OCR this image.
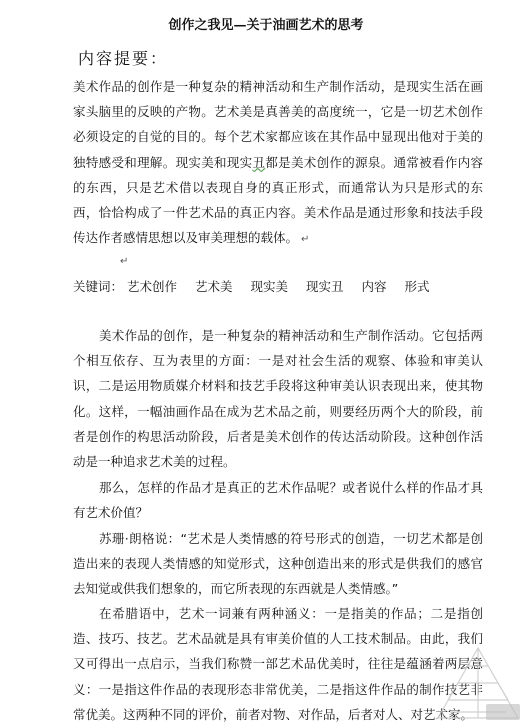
创作之我见—关于油画艺术的思考
内容提要：

美术作品的创作是一种复杂的精神活动和生产制作活动，是现实生活在画家头脑里的反映的产物。艺术美是真善美的高度统一，它是一切艺术创作必须设定的自觉的目的。每个艺术家都应该在其作品中显现出他对于美的独特感受和理解。现实美和现实丑都是美术创作的源泉。通常被看作内容的东西，只是艺术借以表现自身的真正形式，而通常认为只是形式的东西，恰恰构成了一件艺术品的真正内容。美术作品是通过形象和技法手段传达作者感情思想以及审美理想的载体。 ↵

↵
关键词： 艺术创作 艺术美 现实美 现实丑 内容 形式

美术作品的创作，是一种复杂的精神活动和生产制作活动。它包括两个相互依存、互为表里的方面：一是对社会生活的观察、体验和审美认识，二是运用物质媒介材料和技艺手段将这种审美认识表现出来，使其物化。这样，一幅油画作品在成为艺术品之前，则要经历两个大的阶段，前者是创作的构思活动阶段，后者是美术创作的传达活动阶段。这种创作活动是一种追求艺术美的过程。

那么，怎样的作品才是真正的艺术作品呢？或者说什么样的作品才具有艺术价值？

苏珊·朗格说：“艺术是人类情感的符号形式的创造，一切艺术都是创造出来的表现人类情感的知觉形式，这种创造出来的形式是供我们的感官去知觉或供我们想象的，而它所表现的东西就是人类情感。”

在希腊语中，艺术一词兼有两种涵义：一是指美的作品；二是指创造、技巧、技艺。艺术品就是具有审美价值的人工技术制品。由此，我们又可得出一点启示，当我们称赞一部艺术品优美时，往往是蕴涵着两层意义：一是指这件作品的表现形态非常优美，二是指这件作品的制作技艺非常优美。这两种不同的评价，前者对物、对作品，后者对人、对艺术家。
